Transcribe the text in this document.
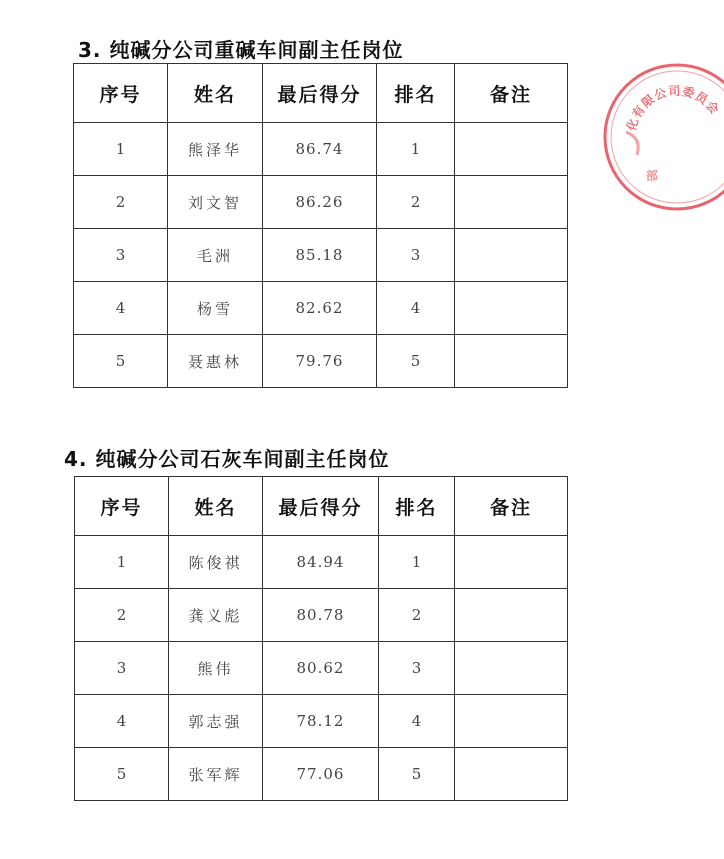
3. 纯碱分公司重碱车间副主任岗位
序号	姓名	最后得分	排名	备注
1	熊泽华	86.74	1	
2	刘文智	86.26	2	
3	毛洲	85.18	3	
4	杨雪	82.62	4	
5	聂惠林	79.76	5	
4. 纯碱分公司石灰车间副主任岗位
序号	姓名	最后得分	排名	备注
1	陈俊祺	84.94	1	
2	龚义彪	80.78	2	
3	熊伟	80.62	3	
4	郭志强	78.12	4	
5	张军辉	77.06	5	
化有限公司委员会
部
